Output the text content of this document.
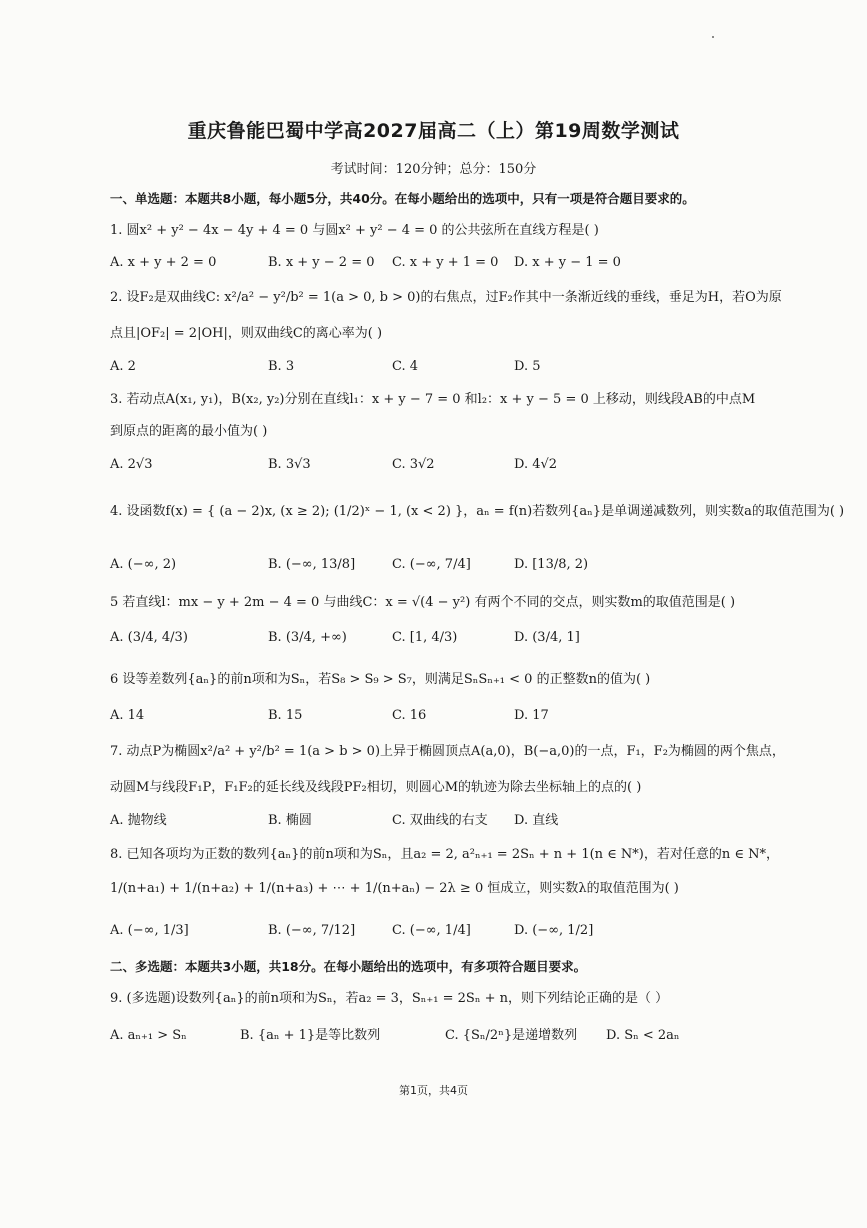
重庆鲁能巴蜀中学高2027届高二（上）第19周数学测试
考试时间：120分钟；总分：150分
一、单选题：本题共8小题，每小题5分，共40分。在每小题给出的选项中，只有一项是符合题目要求的。
1. 圆x² + y² − 4x − 4y + 4 = 0 与圆x² + y² − 4 = 0 的公共弦所在直线方程是( )
A. x + y + 2 = 0	B. x + y − 2 = 0 C. x + y + 1 = 0 D. x + y − 1 = 0
2. 设F₂是双曲线C: x²/a² − y²/b² = 1(a > 0, b > 0)的右焦点，过F₂作其中一条渐近线的垂线，垂足为H，若O为原
点且|OF₂| = 2|OH|，则双曲线C的离心率为( )
A. 2	B. 3	C. 4	D. 5
3. 若动点A(x₁, y₁)，B(x₂, y₂)分别在直线l₁：x + y − 7 = 0 和l₂：x + y − 5 = 0 上移动，则线段AB的中点M
到原点的距离的最小值为( )
A. 2√3	B. 3√3	C. 3√2	D. 4√2
4. 设函数f(x) = { (a − 2)x, (x ≥ 2); (1/2)ˣ − 1, (x < 2) }，aₙ = f(n)若数列{aₙ}是单调递减数列，则实数a的取值范围为( )
A. (−∞, 2)	B. (−∞, 13/8]	C. (−∞, 7/4]	D. [13/8, 2)
5 若直线l：mx − y + 2m − 4 = 0 与曲线C：x = √(4 − y²) 有两个不同的交点，则实数m的取值范围是( )
A. (3/4, 4/3)	B. (3/4, +∞)	C. [1, 4/3)	D. (3/4, 1]
6 设等差数列{aₙ}的前n项和为Sₙ，若S₈ > S₉ > S₇，则满足SₙSₙ₊₁ < 0 的正整数n的值为( )
A. 14	B. 15	C. 16	D. 17
7. 动点P为椭圆x²/a² + y²/b² = 1(a > b > 0)上异于椭圆顶点A(a,0)，B(−a,0)的一点，F₁，F₂为椭圆的两个焦点，
动圆M与线段F₁P，F₁F₂的延长线及线段PF₂相切，则圆心M的轨迹为除去坐标轴上的点的( )
A. 抛物线	B. 椭圆	C. 双曲线的右支 D. 直线
8. 已知各项均为正数的数列{aₙ}的前n项和为Sₙ，且a₂ = 2, a²ₙ₊₁ = 2Sₙ + n + 1(n ∈ N*)，若对任意的n ∈ N*，
1/(n+a₁) + 1/(n+a₂) + 1/(n+a₃) + ⋯ + 1/(n+aₙ) − 2λ ≥ 0 恒成立，则实数λ的取值范围为( )
A. (−∞, 1/3]	B. (−∞, 7/12]	C. (−∞, 1/4]	D. (−∞, 1/2]
二、多选题：本题共3小题，共18分。在每小题给出的选项中，有多项符合题目要求。
9. (多选题)设数列{aₙ}的前n项和为Sₙ，若a₂ = 3，Sₙ₊₁ = 2Sₙ + n，则下列结论正确的是（ ）
A. aₙ₊₁ > Sₙ	B. {aₙ + 1}是等比数列	C. {Sₙ/2ⁿ}是递增数列 D. Sₙ < 2aₙ
第1页，共4页
